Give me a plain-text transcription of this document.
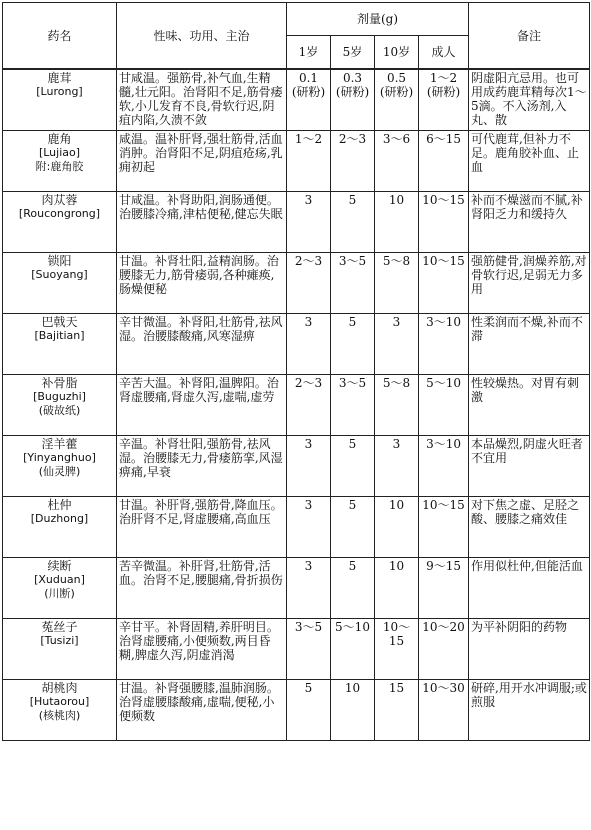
药名	性味、功用、主治	剂量(g)				备注
		1岁	5岁	10岁	成人	

鹿茸
[Lurong]	甘咸温。强筋骨,补气血,生精髓,壮元阳。治肾阳不足,筋骨痿软,小儿发育不良,骨软行迟,阴疽内陷,久溃不敛	0.1 (研粉)	0.3 (研粉)	0.5 (研粉)	1～2 (研粉)	阴虚阳亢忌用。也可用成药鹿茸精每次1～5滴。不入汤剂,入丸、散

鹿角
[Lujiao]
附:鹿角胶	咸温。温补肝肾,强壮筋骨,活血消肿。治肾阳不足,阴疽疮疡,乳痈初起	1～2	2～3	3～6	6～15	可代鹿茸,但补力不足。鹿角胶补血、止血

肉苁蓉
[Roucongrong]	甘咸温。补肾助阳,润肠通便。治腰膝冷痛,津枯便秘,健忘失眠	3	5	10	10～15	补而不燥滋而不腻,补肾阳乏力和缓持久

锁阳
[Suoyang]	甘温。补肾壮阳,益精润肠。治腰膝无力,筋骨痿弱,各种瘫痪,肠燥便秘	2～3	3～5	5～8	10～15	强筋健骨,润燥养筋,对骨软行迟,足弱无力多用

巴戟天
[Bajitian]	辛甘微温。补肾阳,壮筋骨,祛风湿。治腰膝酸痛,风寒湿痹	3	5	3	3～10	性柔润而不燥,补而不滞

补骨脂
[Buguzhi]
(破故纸)	辛苦大温。补肾阳,温脾阳。治肾虚腰痛,肾虚久泻,虚喘,虚劳	2～3	3～5	5～8	5～10	性较燥热。对胃有刺激

淫羊藿
[Yinyanghuo]
(仙灵脾)	辛温。补肾壮阳,强筋骨,祛风湿。治腰膝无力,骨痿筋挛,风湿痹痛,早衰	3	5	3	3～10	本品燥烈,阴虚火旺者不宜用

杜仲
[Duzhong]	甘温。补肝肾,强筋骨,降血压。治肝肾不足,肾虚腰痛,高血压	3	5	10	10～15	对下焦之虚、足胫之酸、腰膝之痛效佳

续断
[Xuduan]
(川断)	苦辛微温。补肝肾,壮筋骨,活血。治肾不足,腰腿痛,骨折损伤	3	5	10	9～15	作用似杜仲,但能活血

菟丝子
[Tusizi]	辛甘平。补肾固精,养肝明目。治肾虚腰痛,小便频数,两目昏糊,脾虚久泻,阴虚消渴	3～5	5～10	10～15	10～20	为平补阴阳的药物

胡桃肉
[Hutaorou]
(核桃肉)	甘温。补肾强腰膝,温肺润肠。治肾虚腰膝酸痛,虚喘,便秘,小便频数	5	10	15	10～30	研碎,用开水冲调服;或煎服
